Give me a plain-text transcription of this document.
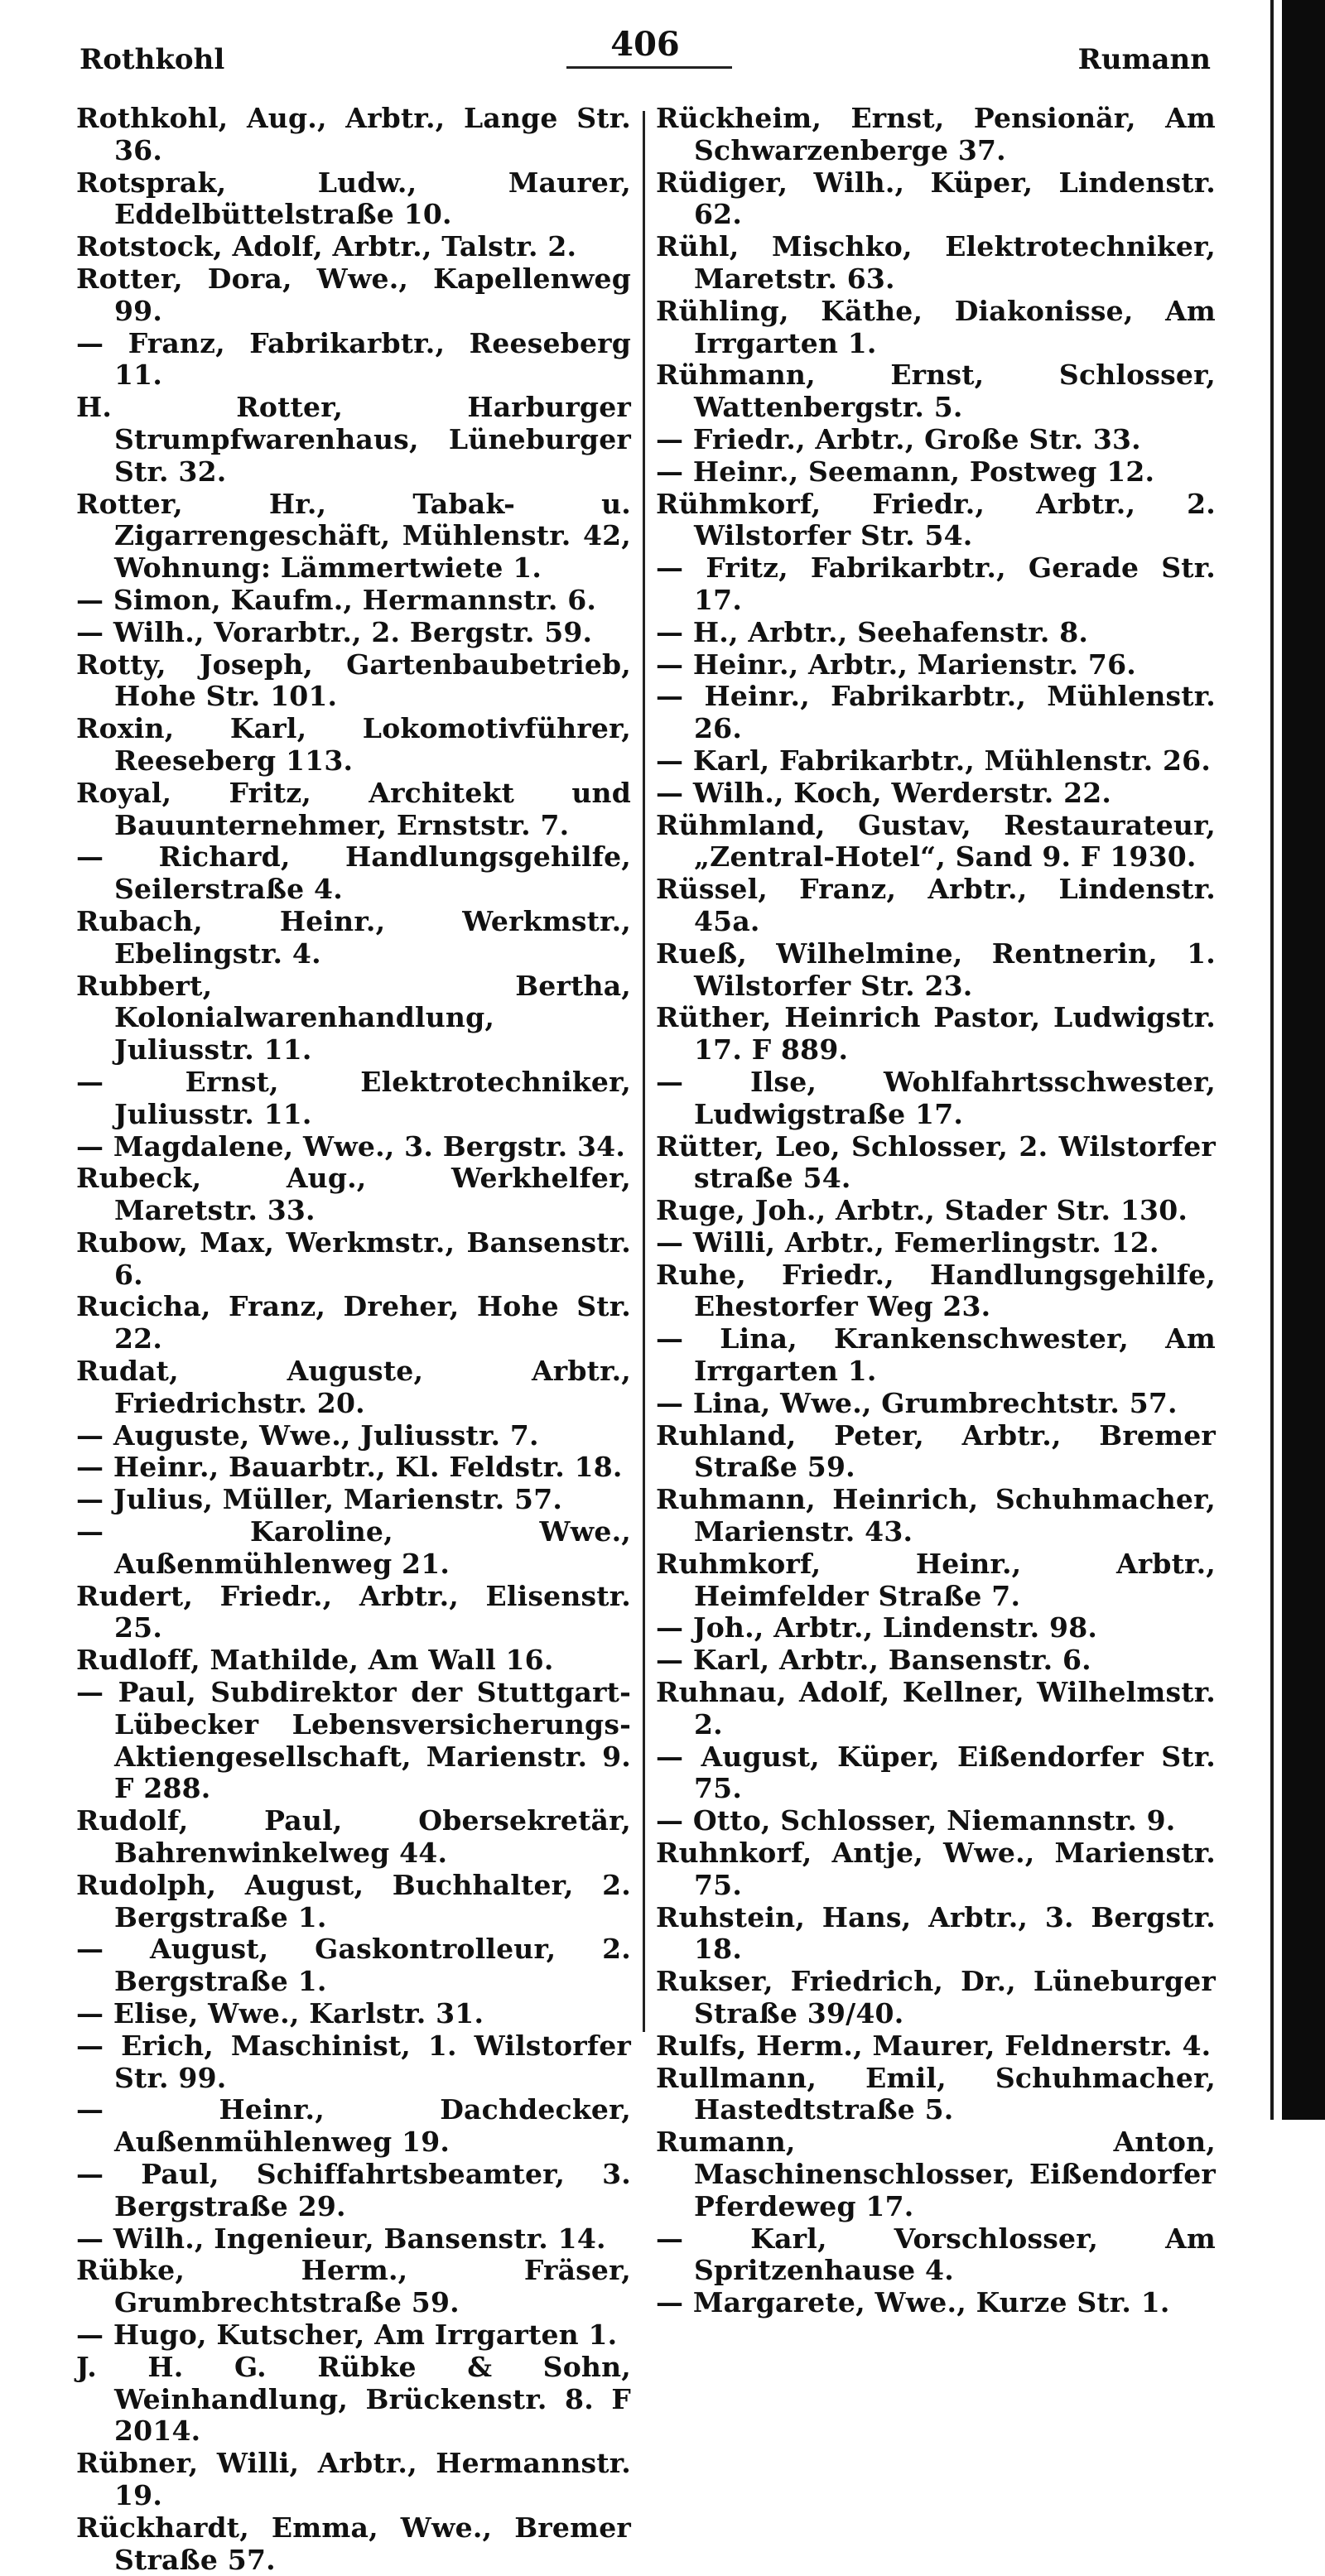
Rothkohl	406	Rumann

Rothkohl, Aug., Arbtr., Lange Str. 36.

Rotsprak, Ludw., Maurer, Eddelbüttelstraße 10.

Rotstock, Adolf, Arbtr., Talstr. 2.

Rotter, Dora, Wwe., Kapellenweg 99.

— Franz, Fabrikarbtr., Reeseberg 11.

H. Rotter, Harburger Strumpfwarenhaus, Lüneburger Str. 32.

Rotter, Hr., Tabak- u. Zigarrengeschäft, Mühlenstr. 42, Wohnung: Lämmertwiete 1.

— Simon, Kaufm., Hermannstr. 6.

— Wilh., Vorarbtr., 2. Bergstr. 59.

Rotty, Joseph, Gartenbaubetrieb, Hohe Str. 101.

Roxin, Karl, Lokomotivführer, Reeseberg 113.

Royal, Fritz, Architekt und Bauunternehmer, Ernststr. 7.

— Richard, Handlungsgehilfe, Seilerstraße 4.

Rubach, Heinr., Werkmstr., Ebelingstr. 4.

Rubbert, Bertha, Kolonialwarenhandlung, Juliusstr. 11.

— Ernst, Elektrotechniker, Juliusstr. 11.

— Magdalene, Wwe., 3. Bergstr. 34.

Rubeck, Aug., Werkhelfer, Maretstr. 33.

Rubow, Max, Werkmstr., Bansenstr. 6.

Rucicha, Franz, Dreher, Hohe Str. 22.

Rudat, Auguste, Arbtr., Friedrichstr. 20.

— Auguste, Wwe., Juliusstr. 7.

— Heinr., Bauarbtr., Kl. Feldstr. 18.

— Julius, Müller, Marienstr. 57.

— Karoline, Wwe., Außenmühlenweg 21.

Rudert, Friedr., Arbtr., Elisenstr. 25.

Rudloff, Mathilde, Am Wall 16.

— Paul, Subdirektor der Stuttgart-Lübecker Lebensversicherungs-Aktiengesellschaft, Marienstr. 9. F 288.

Rudolf, Paul, Obersekretär, Bahrenwinkelweg 44.

Rudolph, August, Buchhalter, 2. Bergstraße 1.

— August, Gaskontrolleur, 2. Bergstraße 1.

— Elise, Wwe., Karlstr. 31.

— Erich, Maschinist, 1. Wilstorfer Str. 99.

— Heinr., Dachdecker, Außenmühlenweg 19.

— Paul, Schiffahrtsbeamter, 3. Bergstraße 29.

— Wilh., Ingenieur, Bansenstr. 14.

Rübke, Herm., Fräser, Grumbrechtstraße 59.

— Hugo, Kutscher, Am Irrgarten 1.

J. H. G. Rübke & Sohn, Weinhandlung, Brückenstr. 8. F 2014.

Rübner, Willi, Arbtr., Hermannstr. 19.

Rückhardt, Emma, Wwe., Bremer Straße 57.

Rückheim, Ernst, Pensionär, Am Schwarzenberge 37.

Rüdiger, Wilh., Küper, Lindenstr. 62.

Rühl, Mischko, Elektrotechniker, Maretstr. 63.

Rühling, Käthe, Diakonisse, Am Irrgarten 1.

Rühmann, Ernst, Schlosser, Wattenbergstr. 5.

— Friedr., Arbtr., Große Str. 33.

— Heinr., Seemann, Postweg 12.

Rühmkorf, Friedr., Arbtr., 2. Wilstorfer Str. 54.

— Fritz, Fabrikarbtr., Gerade Str. 17.

— H., Arbtr., Seehafenstr. 8.

— Heinr., Arbtr., Marienstr. 76.

— Heinr., Fabrikarbtr., Mühlenstr. 26.

— Karl, Fabrikarbtr., Mühlenstr. 26.

— Wilh., Koch, Werderstr. 22.

Rühmland, Gustav, Restaurateur, „Zentral-Hotel“, Sand 9. F 1930.

Rüssel, Franz, Arbtr., Lindenstr. 45a.

Rueß, Wilhelmine, Rentnerin, 1. Wilstorfer Str. 23.

Rüther, Heinrich Pastor, Ludwigstr. 17. F 889.

— Ilse, Wohlfahrtsschwester, Ludwigstraße 17.

Rütter, Leo, Schlosser, 2. Wilstorfer straße 54.

Ruge, Joh., Arbtr., Stader Str. 130.

— Willi, Arbtr., Femerlingstr. 12.

Ruhe, Friedr., Handlungsgehilfe, Ehestorfer Weg 23.

— Lina, Krankenschwester, Am Irrgarten 1.

— Lina, Wwe., Grumbrechtstr. 57.

Ruhland, Peter, Arbtr., Bremer Straße 59.

Ruhmann, Heinrich, Schuhmacher, Marienstr. 43.

Ruhmkorf, Heinr., Arbtr., Heimfelder Straße 7.

— Joh., Arbtr., Lindenstr. 98.

— Karl, Arbtr., Bansenstr. 6.

Ruhnau, Adolf, Kellner, Wilhelmstr. 2.

— August, Küper, Eißendorfer Str. 75.

— Otto, Schlosser, Niemannstr. 9.

Ruhnkorf, Antje, Wwe., Marienstr. 75.

Ruhstein, Hans, Arbtr., 3. Bergstr. 18.

Rukser, Friedrich, Dr., Lüneburger Straße 39/40.

Rulfs, Herm., Maurer, Feldnerstr. 4.

Rullmann, Emil, Schuhmacher, Hastedtstraße 5.

Rumann, Anton, Maschinenschlosser, Eißendorfer Pferdeweg 17.

— Karl, Vorschlosser, Am Spritzenhause 4.

— Margarete, Wwe., Kurze Str. 1.
